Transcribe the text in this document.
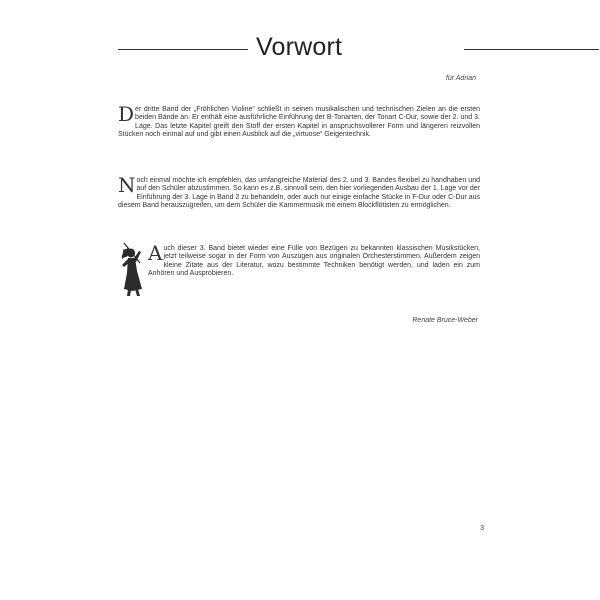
Vorwort
für Adrian
Der dritte Band der „Fröhlichen Violine“ schließt in seinen musikalischen und technischen Zielen an die ersten beiden Bände an. Er enthält eine ausführliche Einführung der B-Tonarten, der Tonart C-Dur, sowie der 2. und 3. Lage. Das letzte Kapitel greift den Stoff der ersten Kapitel in anspruchsvollerer Form und längeren reizvollen Stücken noch einmal auf und gibt einen Ausblick auf die „virtuose“ Geigentechnik.
Noch einmal möchte ich empfehlen, das umfangreiche Material des 2. und 3. Bandes flexibel zu handhaben und auf den Schüler abzustimmen. So kann es z.B. sinnvoll sein, den hier vorliegenden Ausbau der 1. Lage vor der Einführung der 3. Lage in Band 2 zu behandeln, oder auch nur einige einfache Stücke in F-Dur oder C-Dur aus diesem Band herauszugreifen, um dem Schüler die Kammermusik mit einem Blockflötisten zu ermöglichen.
Auch dieser 3. Band bietet wieder eine Fülle von Bezügen zu bekannten klassischen Musikstücken, jetzt teilweise sogar in der Form von Auszügen aus originalen Orchesterstimmen. Außerdem zeigen kleine Zitate aus der Literatur, wozu bestimmte Techniken benötigt werden, und laden ein zum Anhören und Ausprobieren.
Renate Bruce-Weber
3
